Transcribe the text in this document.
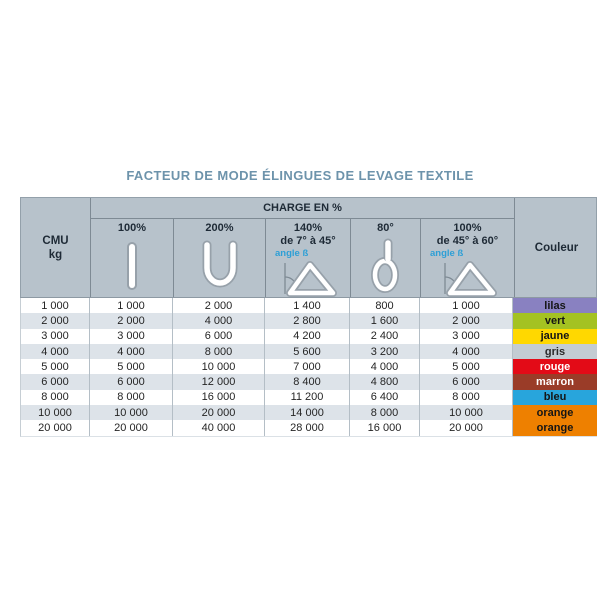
FACTEUR DE MODE ÉLINGUES DE LEVAGE TEXTILE
CMU
kg
CHARGE EN %
Couleur
100%	200%	140%
de 7° à 45°
angle ß
80°	100%
de 45° à 60°
angle ß
1 000	1 000	2 000	1 400	800	1 000	lilas
2 000	2 000	4 000	2 800	1 600	2 000	vert
3 000	3 000	6 000	4 200	2 400	3 000	jaune
4 000	4 000	8 000	5 600	3 200	4 000	gris
5 000	5 000	10 000	7 000	4 000	5 000	rouge
6 000	6 000	12 000	8 400	4 800	6 000	marron
8 000	8 000	16 000	11 200	6 400	8 000	bleu
10 000	10 000	20 000	14 000	8 000	10 000	orange
20 000	20 000	40 000	28 000	16 000	20 000	orange
